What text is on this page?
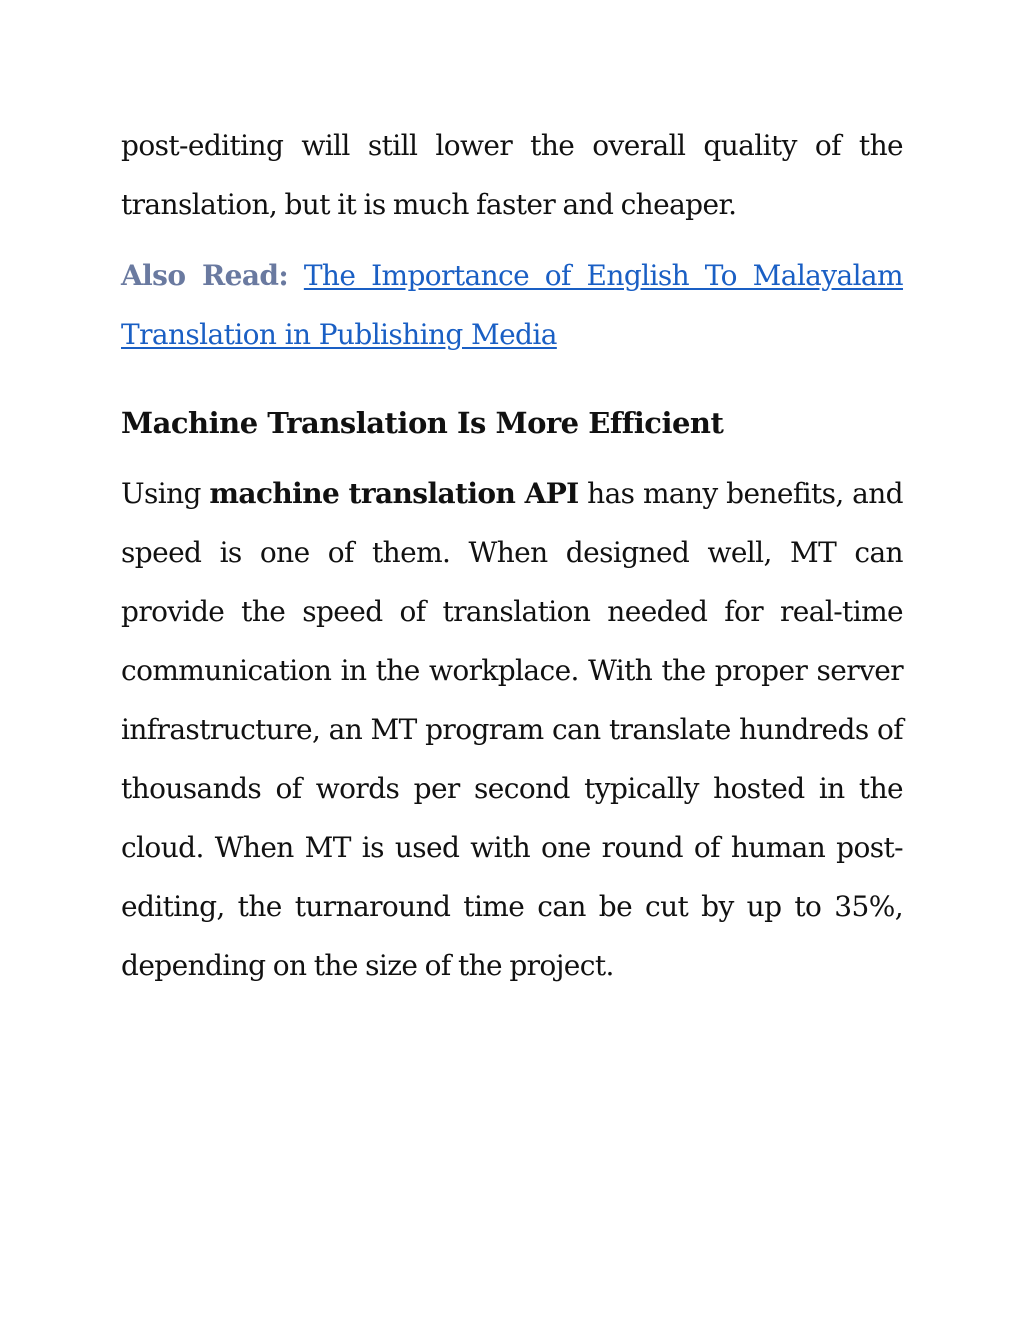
post-editing will still lower the overall quality of the translation, but it is much faster and cheaper.

Also Read: The Importance of English To Malayalam Translation in Publishing Media

Machine Translation Is More Efficient

Using machine translation API has many benefits, and speed is one of them. When designed well, MT can provide the speed of translation needed for real-time communication in the workplace. With the proper server infrastructure, an MT program can translate hundreds of thousands of words per second typically hosted in the cloud. When MT is used with one round of human post-editing, the turnaround time can be cut by up to 35%, depending on the size of the project.
